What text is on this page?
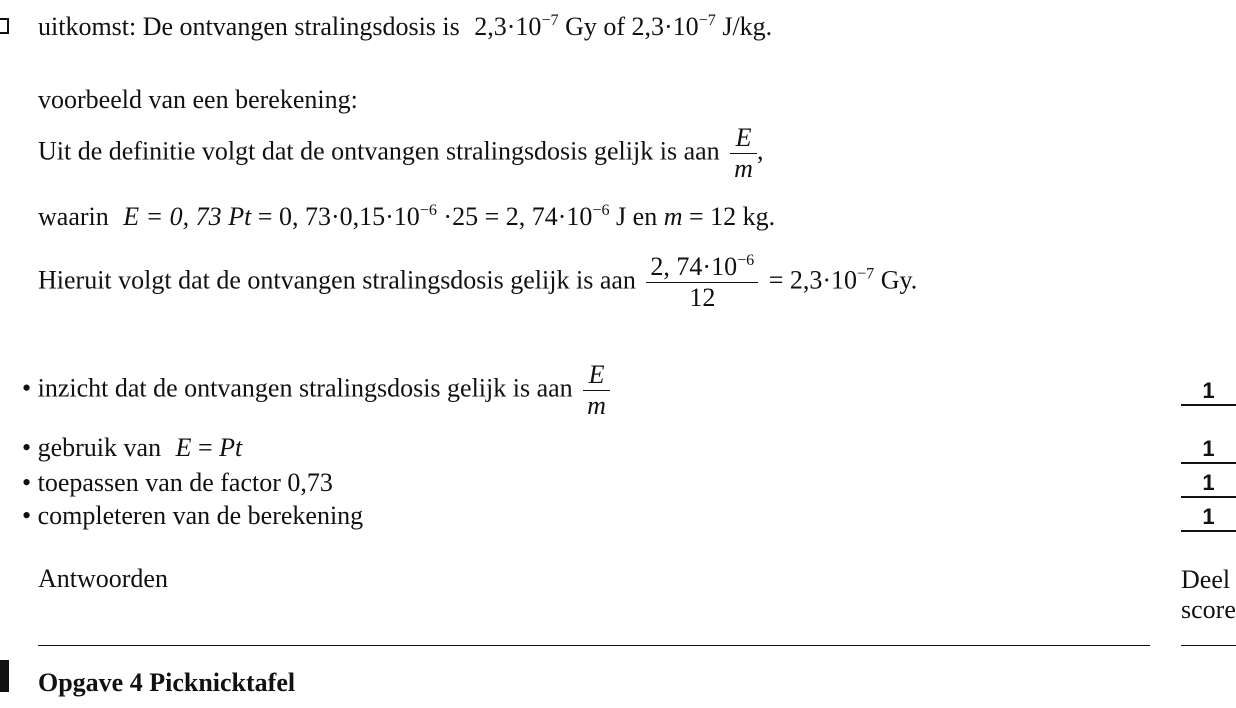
uitkomst: De ontvangen stralingsdosis is $2,3\cdot 10^{-7}$ Gy of $2,3\cdot 10^{-7}$ J/kg.
voorbeeld van een berekening:
Uit de definitie volgt dat de ontvangen stralingsdosis gelijk is aan $\frac{E}{m}$ ,
waarin E = 0, 73 Pt = 0, $73\cdot 0,15\cdot 10^{-6} \cdot 25 = 2$, $74\cdot 10^{-6}$ J en m = 12 kg.
Hieruit volgt dat de ontvangen stralingsdosis gelijk is aan $\frac{2, 74\cdot 10^{-6}}{12} = 2,3\cdot 10^{-7}$ Gy.
• inzicht dat de ontvangen stralingsdosis gelijk is aan $\frac{E}{m}$	1
• gebruik van E = Pt	1
• toepassen van de factor 0,73	1
• completeren van de berekening	1
Antwoorden	Deel
score
Opgave 4 Picknicktafel
